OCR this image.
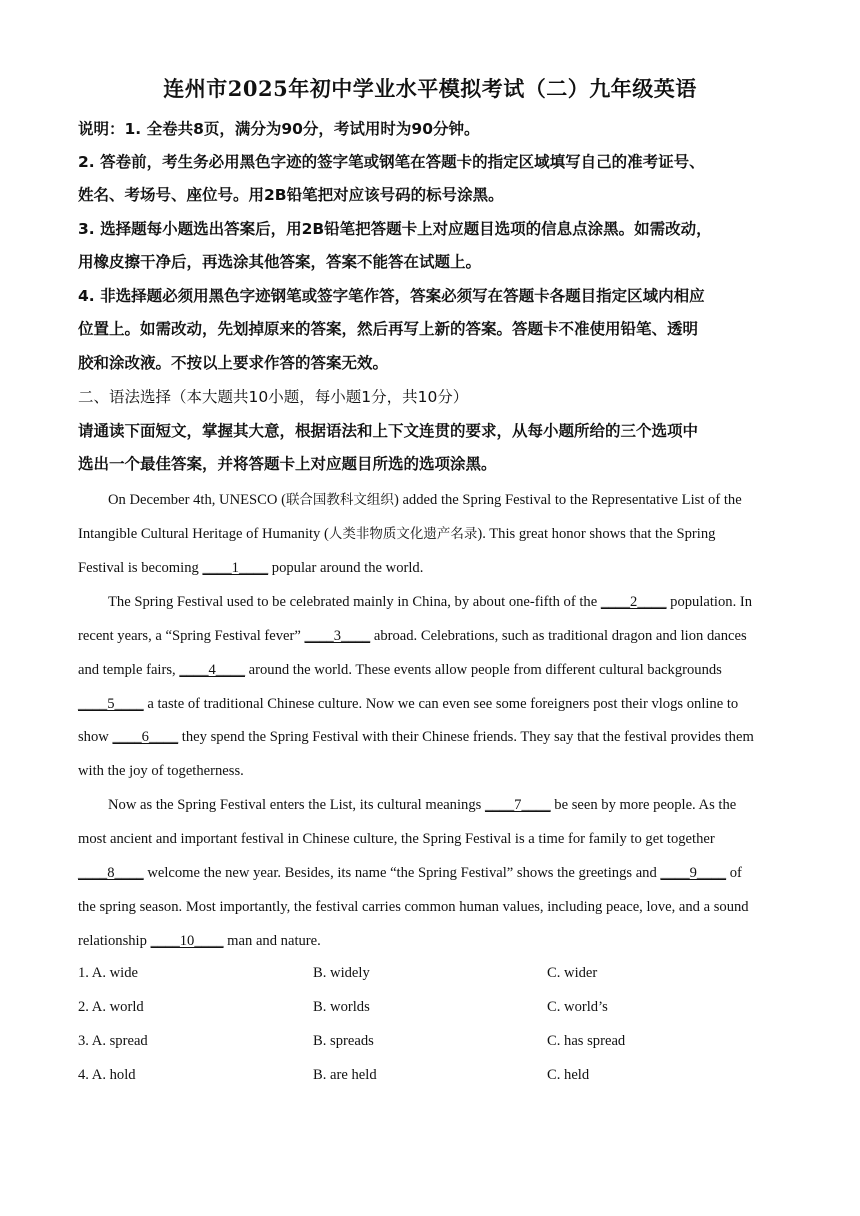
连州市2025年初中学业水平模拟考试（二）九年级英语
说明：1. 全卷共8页，满分为90分，考试用时为90分钟。
2. 答卷前，考生务必用黑色字迹的签字笔或钢笔在答题卡的指定区域填写自己的准考证号、
姓名、考场号、座位号。用2B铅笔把对应该号码的标号涂黑。
3. 选择题每小题选出答案后，用2B铅笔把答题卡上对应题目选项的信息点涂黑。如需改动，
用橡皮擦干净后，再选涂其他答案，答案不能答在试题上。
4. 非选择题必须用黑色字迹钢笔或签字笔作答，答案必须写在答题卡各题目指定区域内相应
位置上。如需改动，先划掉原来的答案，然后再写上新的答案。答题卡不准使用铅笔、透明
胶和涂改液。不按以上要求作答的答案无效。
二、语法选择（本大题共10小题，每小题1分，共10分）
请通读下面短文，掌握其大意，根据语法和上下文连贯的要求，从每小题所给的三个选项中
选出一个最佳答案，并将答题卡上对应题目所选的选项涂黑。
On December 4th, UNESCO (联合国教科文组织) added the Spring Festival to the Representative List of the
Intangible Cultural Heritage of Humanity (人类非物质文化遗产名录). This great honor shows that the Spring
Festival is becoming ____1____ popular around the world.
The Spring Festival used to be celebrated mainly in China, by about one-fifth of the ____2____ population. In
recent years, a “Spring Festival fever” ____3____ abroad. Celebrations, such as traditional dragon and lion dances
and temple fairs, ____4____ around the world. These events allow people from different cultural backgrounds
____5____ a taste of traditional Chinese culture. Now we can even see some foreigners post their vlogs online to
show ____6____ they spend the Spring Festival with their Chinese friends. They say that the festival provides them
with the joy of togetherness.
Now as the Spring Festival enters the List, its cultural meanings ____7____ be seen by more people. As the
most ancient and important festival in Chinese culture, the Spring Festival is a time for family to get together
____8____ welcome the new year. Besides, its name “the Spring Festival” shows the greetings and ____9____ of
the spring season. Most importantly, the festival carries common human values, including peace, love, and a sound
relationship ____10____ man and nature.
1. A. wide	B. widely	C. wider
2. A. world	B. worlds	C. world’s
3. A. spread	B. spreads	C. has spread
4. A. hold	B. are held	C. held
